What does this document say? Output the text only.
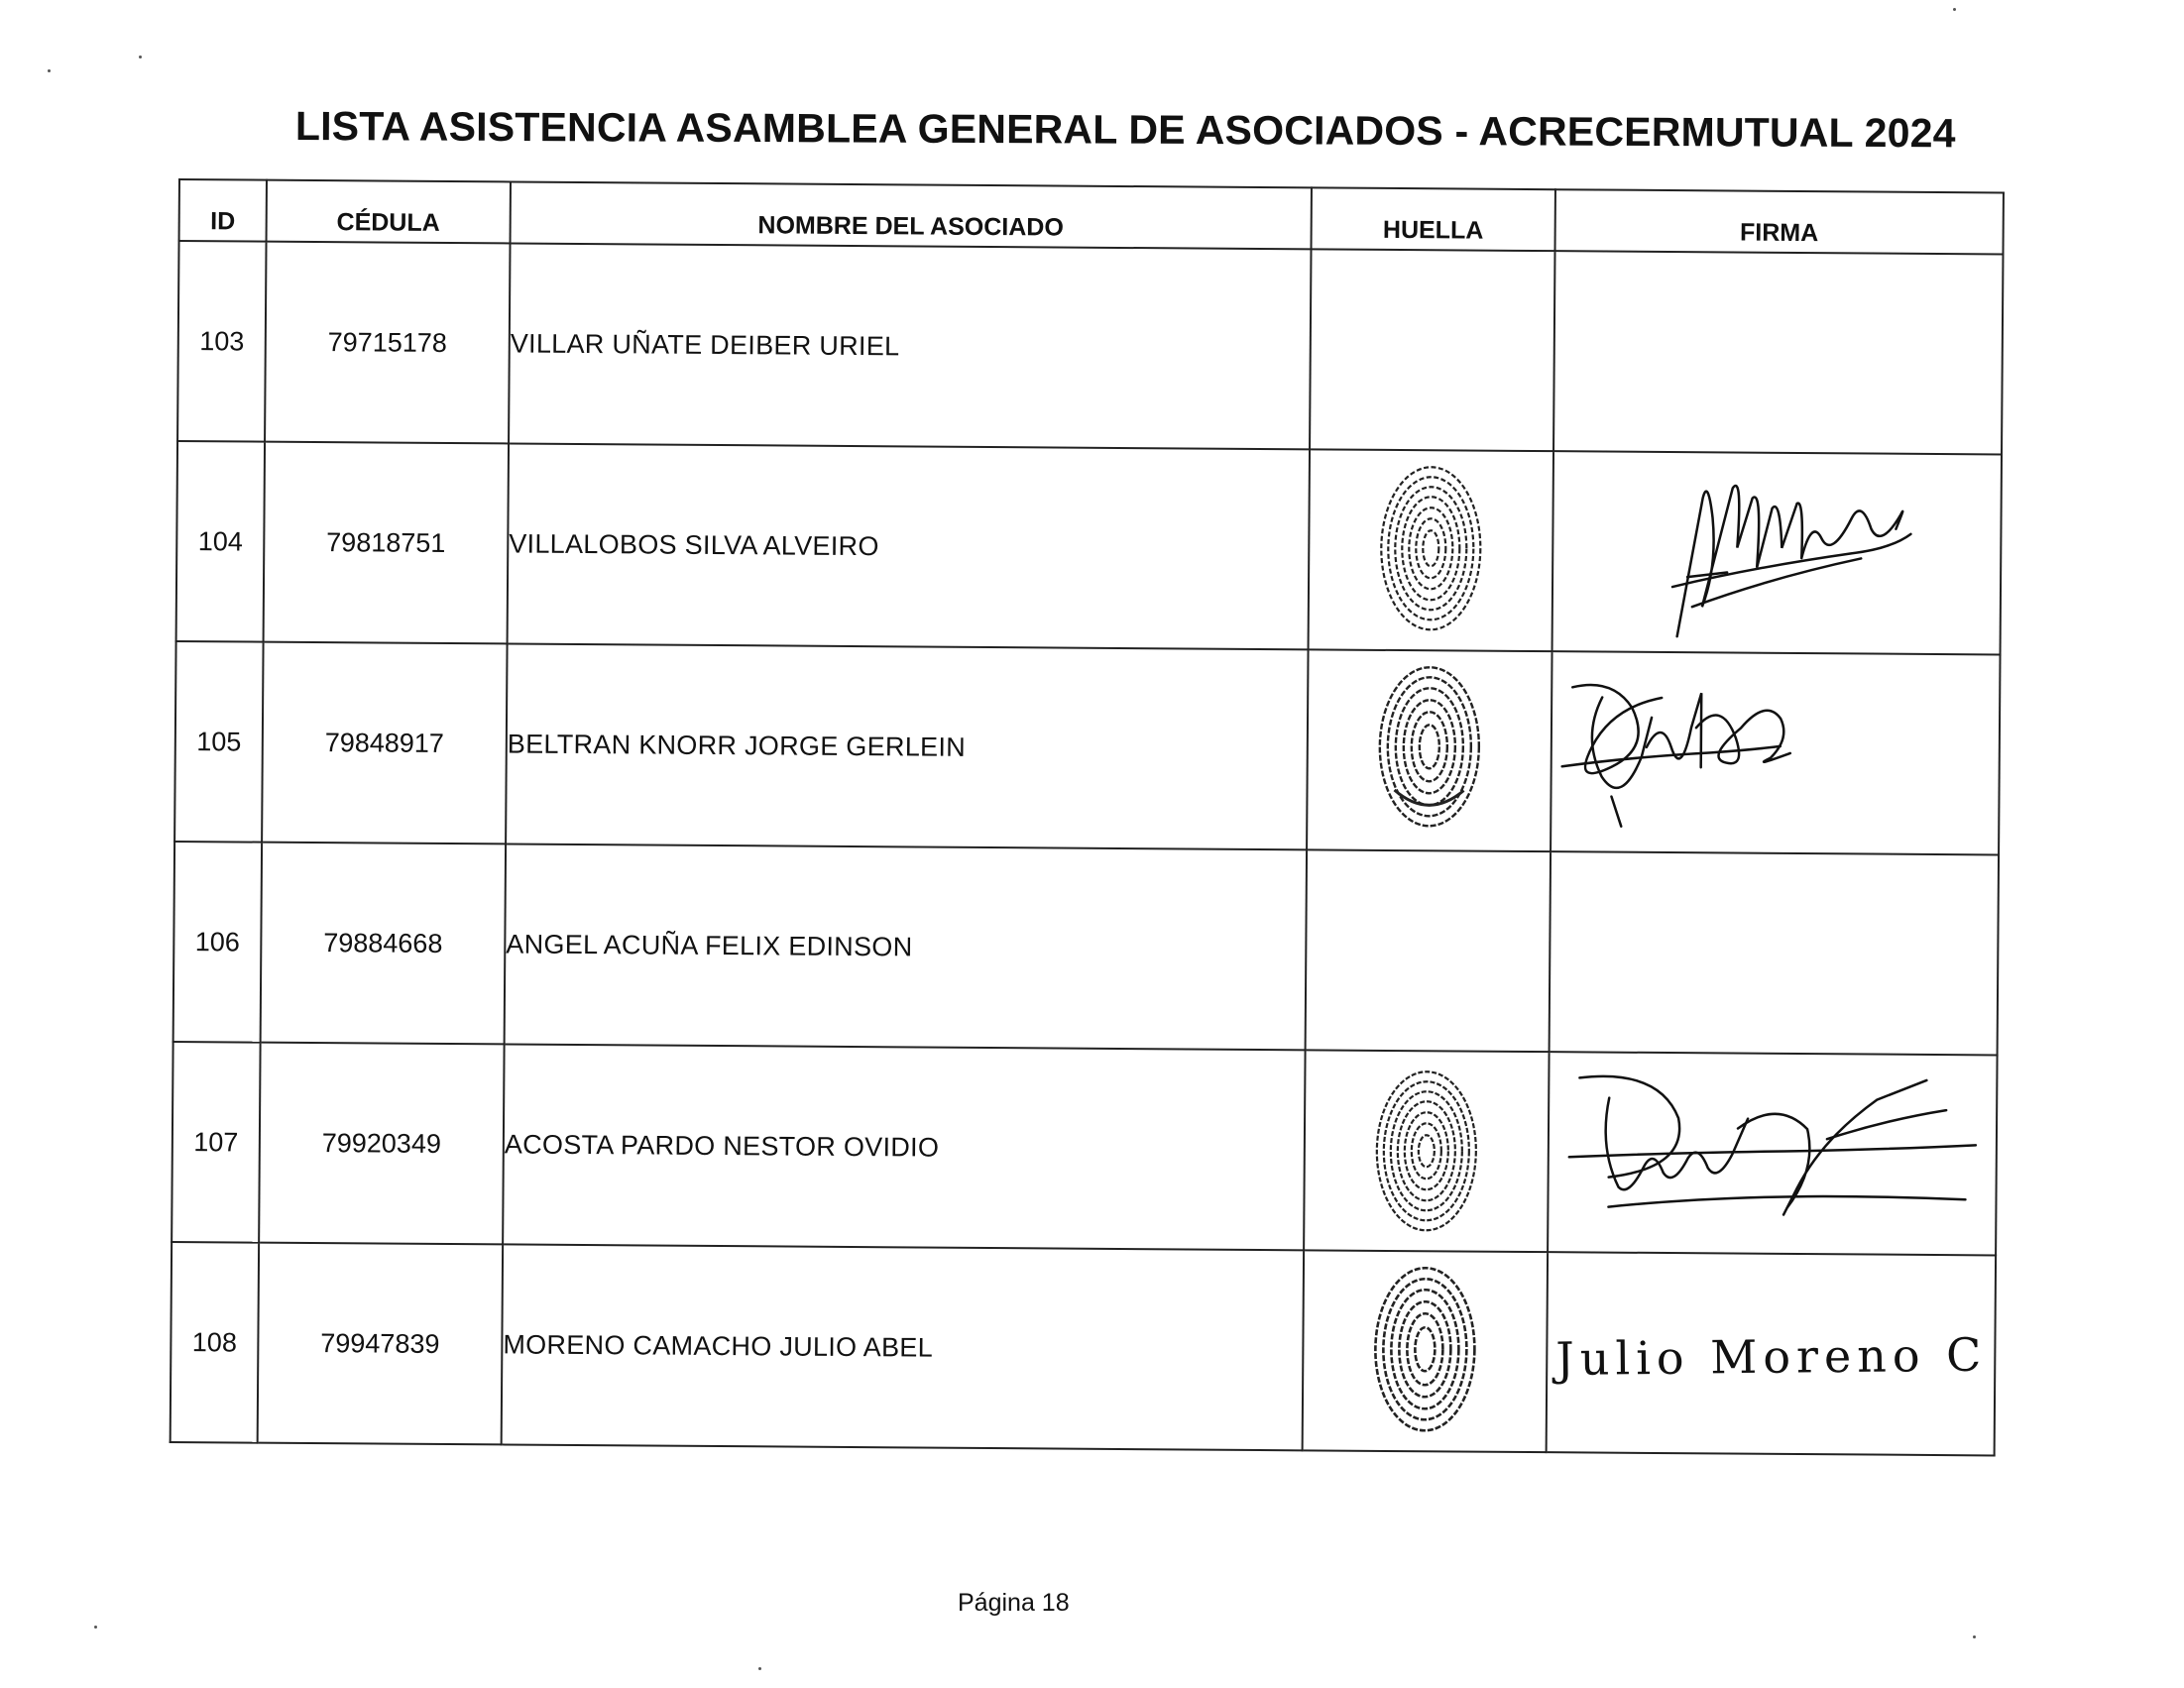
LISTA ASISTENCIA ASAMBLEA GENERAL DE ASOCIADOS - ACRECERMUTUAL 2024
ID	CÉDULA	NOMBRE DEL ASOCIADO	HUELLA	FIRMA
103	79715178	VILLAR UÑATE DEIBER URIEL		
104	79818751	VILLALOBOS SILVA ALVEIRO		

105	79848917	BELTRAN KNORR JORGE GERLEIN		

106	79884668	ANGEL ACUÑA FELIX EDINSON		
107	79920349	ACOSTA PARDO NESTOR OVIDIO		

108	79947839	MORENO CAMACHO JULIO ABEL		Julio Moreno C
Página 18
